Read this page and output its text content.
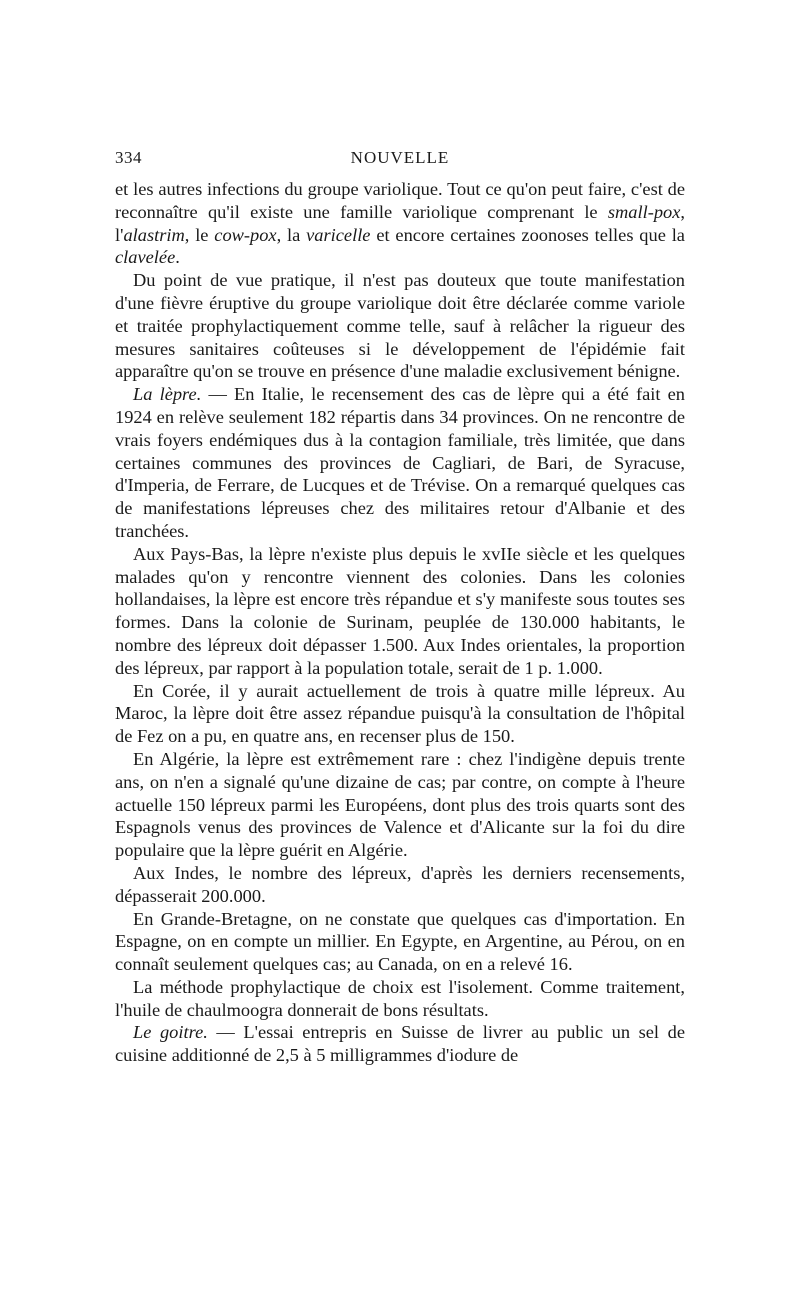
334	NOUVELLE

et les autres infections du groupe variolique. Tout ce qu'on peut faire, c'est de reconnaître qu'il existe une famille variolique comprenant le small-pox, l'alastrim, le cow-pox, la varicelle et encore certaines zoonoses telles que la clavelée.

Du point de vue pratique, il n'est pas douteux que toute manifestation d'une fièvre éruptive du groupe variolique doit être déclarée comme variole et traitée prophylactiquement comme telle, sauf à relâcher la rigueur des mesures sanitaires coûteuses si le développement de l'épidémie fait apparaître qu'on se trouve en présence d'une maladie exclusivement bénigne.

La lèpre. — En Italie, le recensement des cas de lèpre qui a été fait en 1924 en relève seulement 182 répartis dans 34 provinces. On ne rencontre de vrais foyers endémiques dus à la contagion familiale, très limitée, que dans certaines communes des provinces de Cagliari, de Bari, de Syracuse, d'Imperia, de Ferrare, de Lucques et de Trévise. On a remarqué quelques cas de manifestations lépreuses chez des militaires retour d'Albanie et des tranchées.

Aux Pays-Bas, la lèpre n'existe plus depuis le xvIIe siècle et les quelques malades qu'on y rencontre viennent des colonies. Dans les colonies hollandaises, la lèpre est encore très répandue et s'y manifeste sous toutes ses formes. Dans la colonie de Surinam, peuplée de 130.000 habitants, le nombre des lépreux doit dépasser 1.500. Aux Indes orientales, la proportion des lépreux, par rapport à la population totale, serait de 1 p. 1.000.

En Corée, il y aurait actuellement de trois à quatre mille lépreux. Au Maroc, la lèpre doit être assez répandue puisqu'à la consultation de l'hôpital de Fez on a pu, en quatre ans, en recenser plus de 150.

En Algérie, la lèpre est extrêmement rare : chez l'indigène depuis trente ans, on n'en a signalé qu'une dizaine de cas; par contre, on compte à l'heure actuelle 150 lépreux parmi les Européens, dont plus des trois quarts sont des Espagnols venus des provinces de Valence et d'Alicante sur la foi du dire populaire que la lèpre guérit en Algérie.

Aux Indes, le nombre des lépreux, d'après les derniers recensements, dépasserait 200.000.

En Grande-Bretagne, on ne constate que quelques cas d'importation. En Espagne, on en compte un millier. En Egypte, en Argentine, au Pérou, on en connaît seulement quelques cas; au Canada, on en a relevé 16.

La méthode prophylactique de choix est l'isolement. Comme traitement, l'huile de chaulmoogra donnerait de bons résultats.

Le goitre. — L'essai entrepris en Suisse de livrer au public un sel de cuisine additionné de 2,5 à 5 milligrammes d'iodure de
